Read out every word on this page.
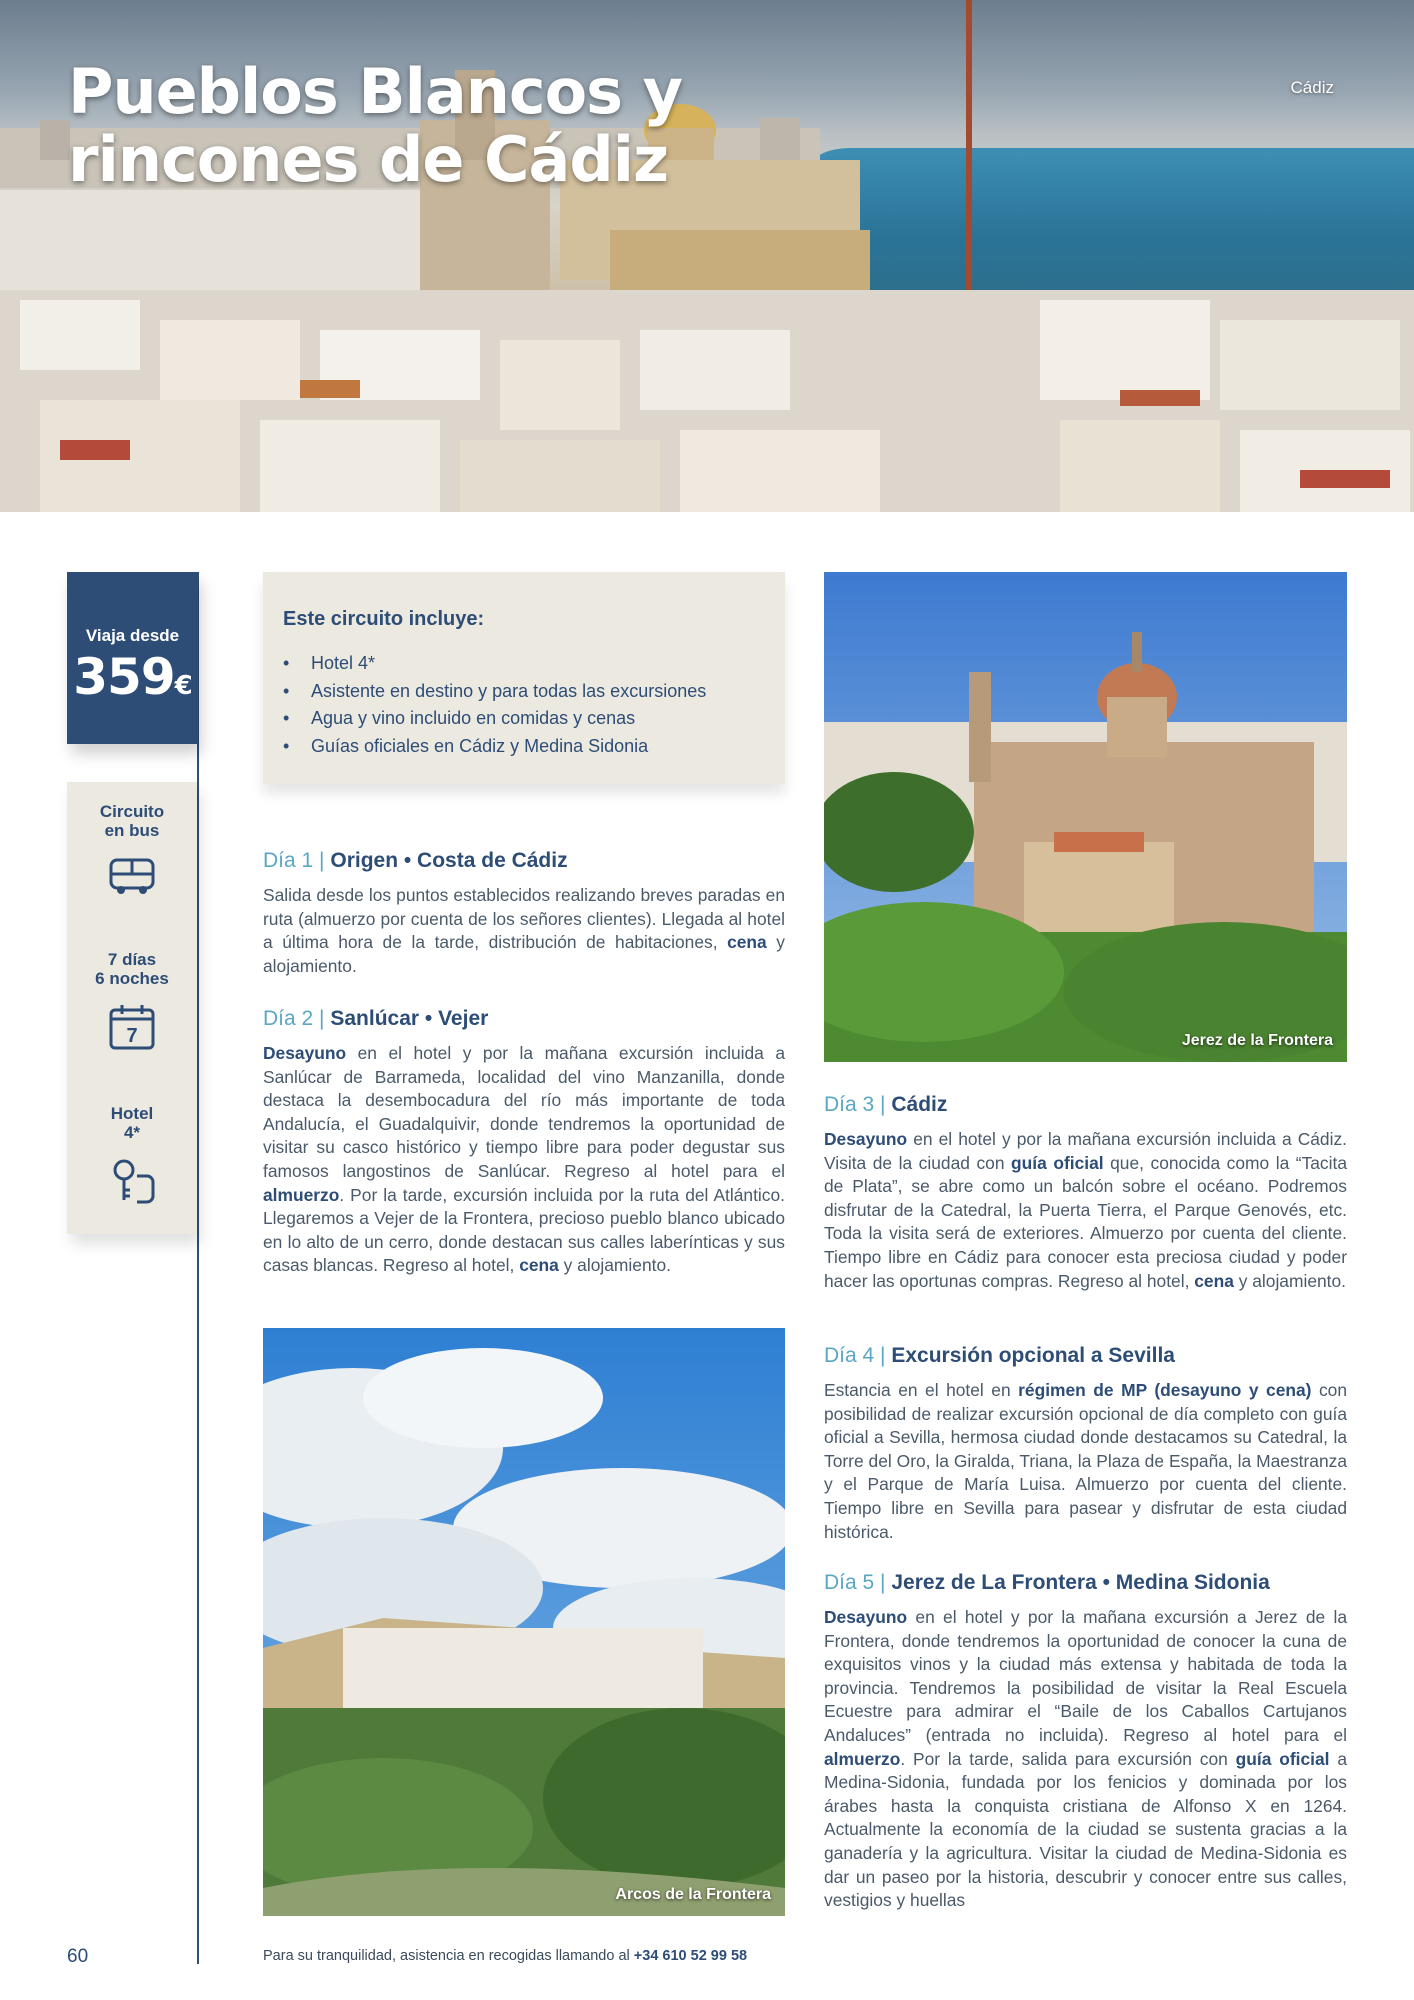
Pueblos Blancos y
rincones de Cádiz
Cádiz
Viaja desde
359€
Circuito
en bus
7 días
6 noches
7
Hotel
4*
Este circuito incluye:
• Hotel 4*
• Asistente en destino y para todas las excursiones
• Agua y vino incluido en comidas y cenas
• Guías oficiales en Cádiz y Medina Sidonia

Día 1 | Origen • Costa de Cádiz

Salida desde los puntos establecidos realizando breves paradas en ruta (almuerzo por cuenta de los señores clientes). Llegada al hotel a última hora de la tarde, distribución de habitaciones, cena y alojamiento.

Día 2 | Sanlúcar • Vejer

Desayuno en el hotel y por la mañana excursión incluida a Sanlúcar de Barrameda, localidad del vino Manzanilla, donde destaca la desembocadura del río más importante de toda Andalucía, el Guadalquivir, donde tendremos la oportunidad de visitar su casco histórico y tiempo libre para poder degustar sus famosos langostinos de Sanlúcar. Regreso al hotel para el almuerzo. Por la tarde, excursión incluida por la ruta del Atlántico. Llegaremos a Vejer de la Frontera, precioso pueblo blanco ubicado en lo alto de un cerro, donde destacan sus calles laberínticas y sus casas blancas. Regreso al hotel, cena y alojamiento.
Arcos de la Frontera
Jerez de la Frontera

Día 3 | Cádiz

Desayuno en el hotel y por la mañana excursión incluida a Cádiz. Visita de la ciudad con guía oficial que, conocida como la “Tacita de Plata”, se abre como un balcón sobre el océano. Podremos disfrutar de la Catedral, la Puerta Tierra, el Parque Genovés, etc. Toda la visita será de exteriores. Almuerzo por cuenta del cliente. Tiempo libre en Cádiz para conocer esta preciosa ciudad y poder hacer las oportunas compras. Regreso al hotel, cena y alojamiento.

Día 4 | Excursión opcional a Sevilla

Estancia en el hotel en régimen de MP (desayuno y cena) con posibilidad de realizar excursión opcional de día completo con guía oficial a Sevilla, hermosa ciudad donde destacamos su Catedral, la Torre del Oro, la Giralda, Triana, la Plaza de España, la Maestranza y el Parque de María Luisa. Almuerzo por cuenta del cliente. Tiempo libre en Sevilla para pasear y disfrutar de esta ciudad histórica.

Día 5 | Jerez de La Frontera • Medina Sidonia

Desayuno en el hotel y por la mañana excursión a Jerez de la Frontera, donde tendremos la oportunidad de conocer la cuna de exquisitos vinos y la ciudad más extensa y habitada de toda la provincia. Tendremos la posibilidad de visitar la Real Escuela Ecuestre para admirar el “Baile de los Caballos Cartujanos Andaluces” (entrada no incluida). Regreso al hotel para el almuerzo. Por la tarde, salida para excursión con guía oficial a Medina-Sidonia, fundada por los fenicios y dominada por los árabes hasta la conquista cristiana de Alfonso X en 1264. Actualmente la economía de la ciudad se sustenta gracias a la ganadería y la agricultura. Visitar la ciudad de Medina-Sidonia es dar un paseo por la historia, descubrir y conocer entre sus calles, vestigios y huellas
60	Para su tranquilidad, asistencia en recogidas llamando al +34 610 52 99 58
